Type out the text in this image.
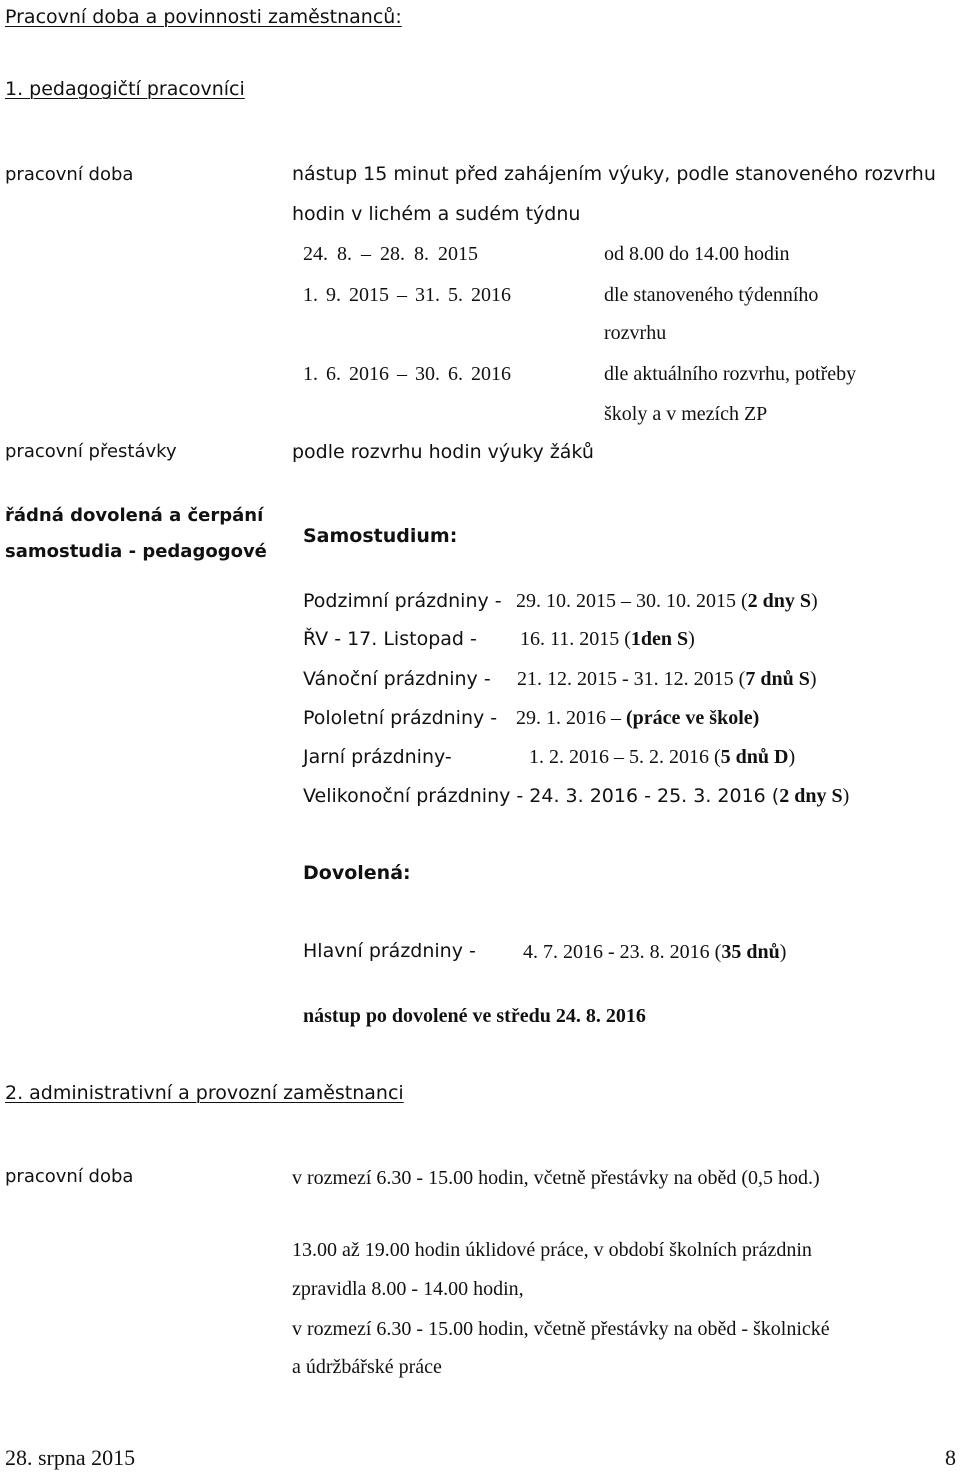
Pracovní doba a povinnosti zaměstnanců:
1. pedagogičtí pracovníci
pracovní doba	nástup 15 minut před zahájením výuky, podle stanoveného rozvrhu
hodin v lichém a sudém týdnu
24. 8. – 28. 8. 2015	od 8.00 do 14.00 hodin
1. 9. 2015 – 31. 5. 2016	dle stanoveného týdenního
rozvrhu
1. 6. 2016 – 30. 6. 2016	dle aktuálního rozvrhu, potřeby
školy a v mezích ZP
pracovní přestávky	podle rozvrhu hodin výuky žáků
řádná dovolená a čerpání
samostudia - pedagogové
Samostudium:
Podzimní prázdniny - 29. 10. 2015 – 30. 10. 2015 (2 dny S)
ŘV - 17. Listopad - 16. 11. 2015 (1den S)
Vánoční prázdniny - 21. 12. 2015 - 31. 12. 2015 (7 dnů S)
Pololetní prázdniny - 29. 1. 2016 – (práce ve škole)
Jarní prázdniny-	1. 2. 2016 – 5. 2. 2016 (5 dnů D)
Velikonoční prázdniny - 24. 3. 2016 - 25. 3. 2016 (2 dny S)
Dovolená:
Hlavní prázdniny - 4. 7. 2016 - 23. 8. 2016 (35 dnů)
nástup po dovolené ve středu 24. 8. 2016
2. administrativní a provozní zaměstnanci
pracovní doba	v rozmezí 6.30 - 15.00 hodin, včetně přestávky na oběd (0,5 hod.)
13.00 až 19.00 hodin úklidové práce, v období školních prázdnin
zpravidla 8.00 - 14.00 hodin,
v rozmezí 6.30 - 15.00 hodin, včetně přestávky na oběd - školnické
a údržbářské práce
28. srpna 2015	8
